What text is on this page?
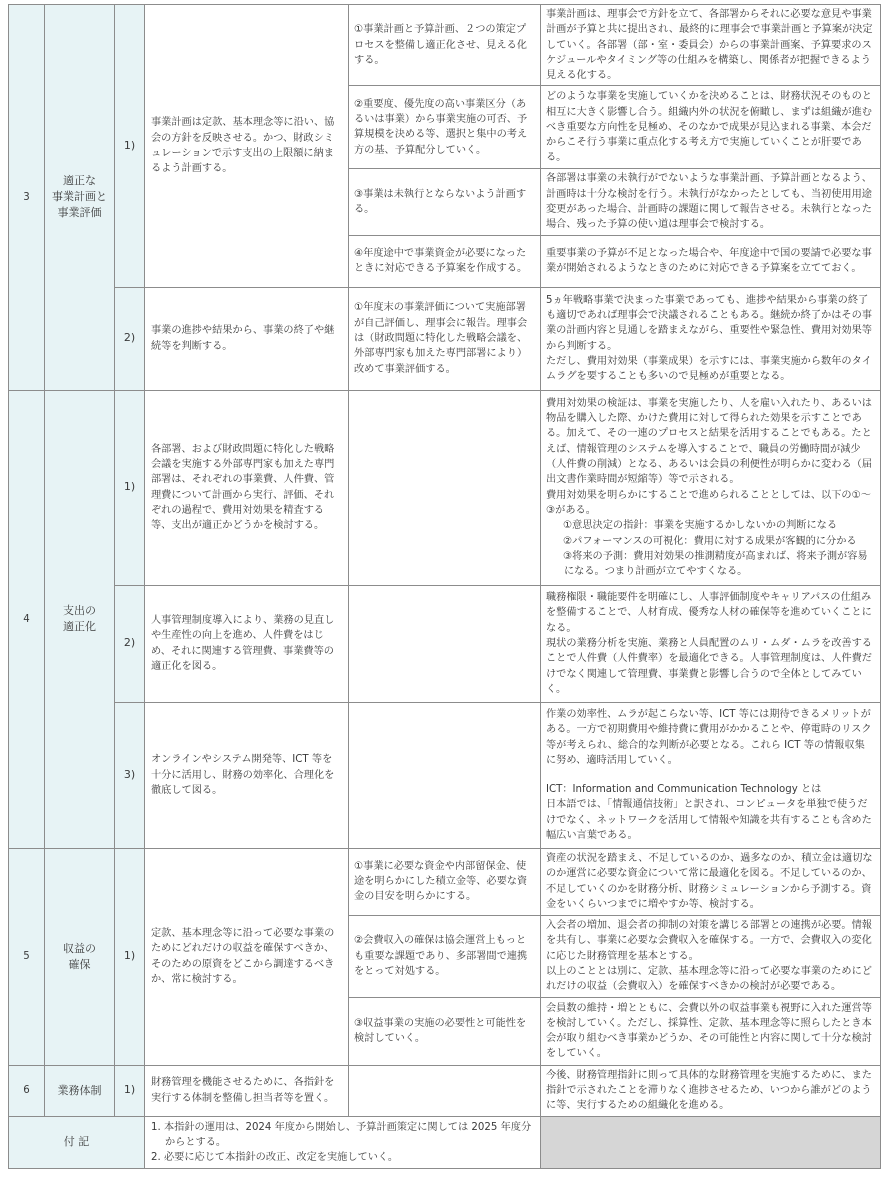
3	適正な
事業計画と
事業評価	1)	事業計画は定款、基本理念等に沿い、協会の方針を反映させる。かつ、財政シミュレーションで示す支出の上限額に納まるよう計画する。	①事業計画と予算計画、２つの策定プロセスを整備し適正化させ、見える化する。	事業計画は、理事会で方針を立て、各部署からそれに必要な意見や事業計画が予算と共に提出され、最終的に理事会で事業計画と予算案が決定していく。各部署（部・室・委員会）からの事業計画案、予算要求のスケジュールやタイミング等の仕組みを構築し、関係者が把握できるよう見える化する。
				②重要度、優先度の高い事業区分（あるいは事業）から事業実施の可否、予算規模を決める等、選択と集中の考え方の基、予算配分していく。	どのような事業を実施していくかを決めることは、財務状況そのものと相互に大きく影響し合う。組織内外の状況を俯瞰し、まずは組織が進むべき重要な方向性を見極め、そのなかで成果が見込まれる事業、本会だからこそ行う事業に重点化する考え方で実施していくことが肝要である。
				③事業は未執行とならないよう計画する。	各部署は事業の未執行がでないような事業計画、予算計画となるよう、計画時は十分な検討を行う。未執行がなかったとしても、当初使用用途変更があった場合、計画時の課題に関して報告させる。未執行となった場合、残った予算の使い道は理事会で検討する。
				④年度途中で事業資金が必要になったときに対応できる予算案を作成する。	重要事業の予算が不足となった場合や、年度途中で国の要請で必要な事業が開始されるようなときのために対応できる予算案を立てておく。
		2)	事業の進捗や結果から、事業の終了や継続等を判断する。	①年度末の事業評価について実施部署が自己評価し、理事会に報告。理事会は（財政問題に特化した戦略会議を、外部専門家も加えた専門部署により）改めて事業評価する。	5ヵ年戦略事業で決まった事業であっても、進捗や結果から事業の終了も適切であれば理事会で決議されることもある。継続か終了かはその事業の計画内容と見通しを踏まえながら、重要性や緊急性、費用対効果等から判断する。
ただし、費用対効果（事業成果）を示すには、事業実施から数年のタイムラグを要することも多いので見極めが重要となる。

4	支出の
適正化	1)	各部署、および財政問題に特化した戦略会議を実施する外部専門家も加えた専門部署は、それぞれの事業費、人件費、管理費について計画から実行、評価、それぞれの過程で、費用対効果を精査する等、支出が適正かどうかを検討する。		費用対効果の検証は、事業を実施したり、人を雇い入れたり、あるいは物品を購入した際、かけた費用に対して得られた効果を示すことである。加えて、その一連のプロセスと結果を活用することでもある。たとえば、情報管理のシステムを導入することで、職員の労働時間が減少（人件費の削減）となる、あるいは会員の利便性が明らかに変わる（届出文書作業時間が短縮等）等で示される。
費用対効果を明らかにすることで進められることとしては、以下の①～③がある。
①意思決定の指針：事業を実施するかしないかの判断になる
②パフォーマンスの可視化：費用に対する成果が客観的に分かる
③将来の予測：費用対効果の推測精度が高まれば、将来予測が容易になる。つまり計画が立てやすくなる。

		2)	人事管理制度導入により、業務の見直しや生産性の向上を進め、人件費をはじめ、それに関連する管理費、事業費等の適正化を図る。		職務権限・職能要件を明確にし、人事評価制度やキャリアパスの仕組みを整備することで、人材育成、優秀な人材の確保等を進めていくことになる。
現状の業務分析を実施、業務と人員配置のムリ・ムダ・ムラを改善することで人件費（人件費率）を最適化できる。人事管理制度は、人件費だけでなく関連して管理費、事業費と影響し合うので全体としてみていく。

		3)	オンラインやシステム開発等、ICT 等を十分に活用し、財務の効率化、合理化を徹底して図る。		作業の効率性、ムラが起こらない等、ICT 等には期待できるメリットがある。一方で初期費用や維持費に費用がかかることや、停電時のリスク等が考えられ、総合的な判断が必要となる。これら ICT 等の情報収集に努め、適時活用していく。
ICT：Information and Communication Technology とは
日本語では、「情報通信技術」と訳され、コンピュータを単独で使うだけでなく、ネットワークを活用して情報や知識を共有することも含めた幅広い言葉である。

5	収益の
確保	1)	定款、基本理念等に沿って必要な事業のためにどれだけの収益を確保すべきか、そのための原資をどこから調達するべきか、常に検討する。	①事業に必要な資金や内部留保金、使途を明らかにした積立金等、必要な資金の目安を明らかにする。	資産の状況を踏まえ、不足しているのか、過多なのか、積立金は適切なのか運営に必要な資金について常に最適化を図る。不足しているのか、不足していくのかを財務分析、財務シミュレーションから予測する。資金をいくらいつまでに増やすか等、検討する。
				②会費収入の確保は協会運営上もっとも重要な課題であり、多部署間で連携をとって対処する。	入会者の増加、退会者の抑制の対策を講じる部署との連携が必要。情報を共有し、事業に必要な会費収入を確保する。一方で、会費収入の変化に応じた財務管理を基本とする。
以上のこととは別に、定款、基本理念等に沿って必要な事業のためにどれだけの収益（会費収入）を確保すべきかの検討が必要である。

				③収益事業の実施の必要性と可能性を検討していく。	会員数の維持・増とともに、会費以外の収益事業も視野に入れた運営等を検討していく。ただし、採算性、定款、基本理念等に照らしたとき本会が取り組むべき事業かどうか、その可能性と内容に関して十分な検討をしていく。
6	業務体制	1)	財務管理を機能させるために、各指針を実行する体制を整備し担当者等を置く。		今後、財務管理指針に則って具体的な財務管理を実施するために、また指針で示されたことを滞りなく進捗させるため、いつから誰がどのように等、実行するための組織化を進める。
付 記			1. 本指針の運用は、2024 年度から開始し、予算計画策定に関しては 2025 年度分からとする。
2. 必要に応じて本指針の改正、改定を実施していく。		
